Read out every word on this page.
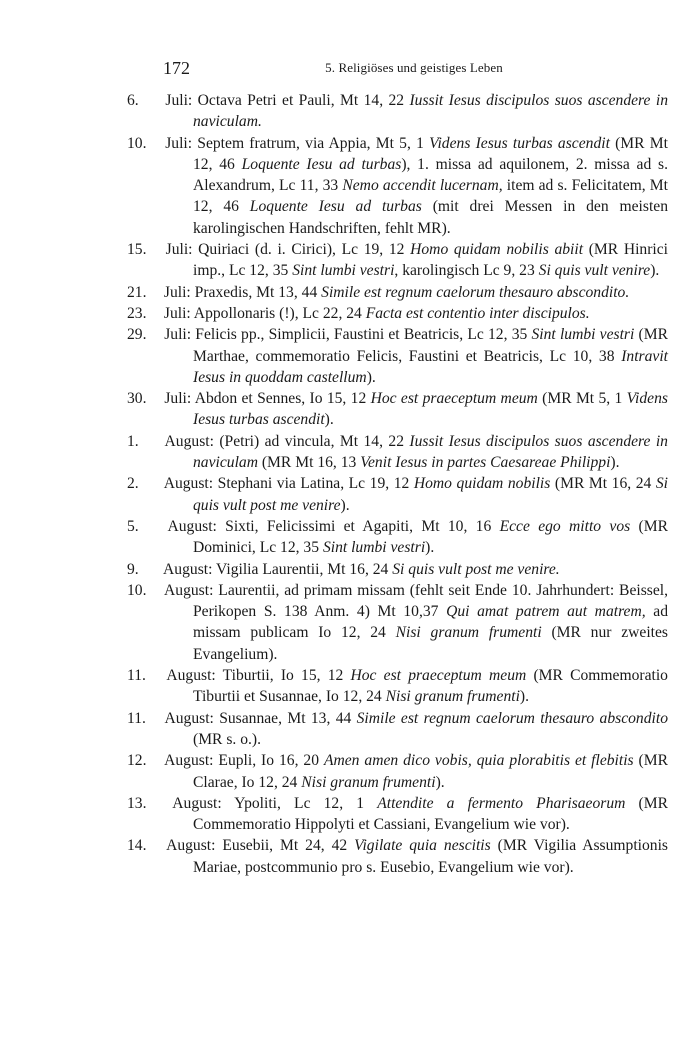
172	5. Religiöses und geistiges Leben

6. Juli: Octava Petri et Pauli, Mt 14, 22 Iussit Iesus discipulos suos ascendere in naviculam.

10. Juli: Septem fratrum, via Appia, Mt 5, 1 Videns Iesus turbas ascendit (MR Mt 12, 46 Loquente Iesu ad turbas), 1. missa ad aquilonem, 2. missa ad s. Alexandrum, Lc 11, 33 Nemo accendit lucernam, item ad s. Felicitatem, Mt 12, 46 Loquente Iesu ad turbas (mit drei Messen in den meisten karolingischen Handschriften, fehlt MR).

15. Juli: Quiriaci (d. i. Cirici), Lc 19, 12 Homo quidam nobilis abiit (MR Hinrici imp., Lc 12, 35 Sint lumbi vestri, karolingisch Lc 9, 23 Si quis vult venire).

21. Juli: Praxedis, Mt 13, 44 Simile est regnum caelorum thesauro abscondito.

23. Juli: Appollonaris (!), Lc 22, 24 Facta est contentio inter discipulos.

29. Juli: Felicis pp., Simplicii, Faustini et Beatricis, Lc 12, 35 Sint lumbi vestri (MR Marthae, commemoratio Felicis, Faustini et Beatricis, Lc 10, 38 Intravit Iesus in quoddam castellum).

30. Juli: Abdon et Sennes, Io 15, 12 Hoc est praeceptum meum (MR Mt 5, 1 Videns Iesus turbas ascendit).

1. August: (Petri) ad vincula, Mt 14, 22 Iussit Iesus discipulos suos ascendere in naviculam (MR Mt 16, 13 Venit Iesus in partes Caesareae Philippi).

2. August: Stephani via Latina, Lc 19, 12 Homo quidam nobilis (MR Mt 16, 24 Si quis vult post me venire).

5. August: Sixti, Felicissimi et Agapiti, Mt 10, 16 Ecce ego mitto vos (MR Dominici, Lc 12, 35 Sint lumbi vestri).

9. August: Vigilia Laurentii, Mt 16, 24 Si quis vult post me venire.

10. August: Laurentii, ad primam missam (fehlt seit Ende 10. Jahrhundert: Beissel, Perikopen S. 138 Anm. 4) Mt 10,37 Qui amat patrem aut matrem, ad missam publicam Io 12, 24 Nisi granum frumenti (MR nur zweites Evangelium).

11. August: Tiburtii, Io 15, 12 Hoc est praeceptum meum (MR Commemoratio Tiburtii et Susannae, Io 12, 24 Nisi granum frumenti).

11. August: Susannae, Mt 13, 44 Simile est regnum caelorum thesauro abscondito (MR s. o.).

12. August: Eupli, Io 16, 20 Amen amen dico vobis, quia plorabitis et flebitis (MR Clarae, Io 12, 24 Nisi granum frumenti).

13. August: Ypoliti, Lc 12, 1 Attendite a fermento Pharisaeorum (MR Commemoratio Hippolyti et Cassiani, Evangelium wie vor).

14. August: Eusebii, Mt 24, 42 Vigilate quia nescitis (MR Vigilia Assumptionis Mariae, postcommunio pro s. Eusebio, Evangelium wie vor).
